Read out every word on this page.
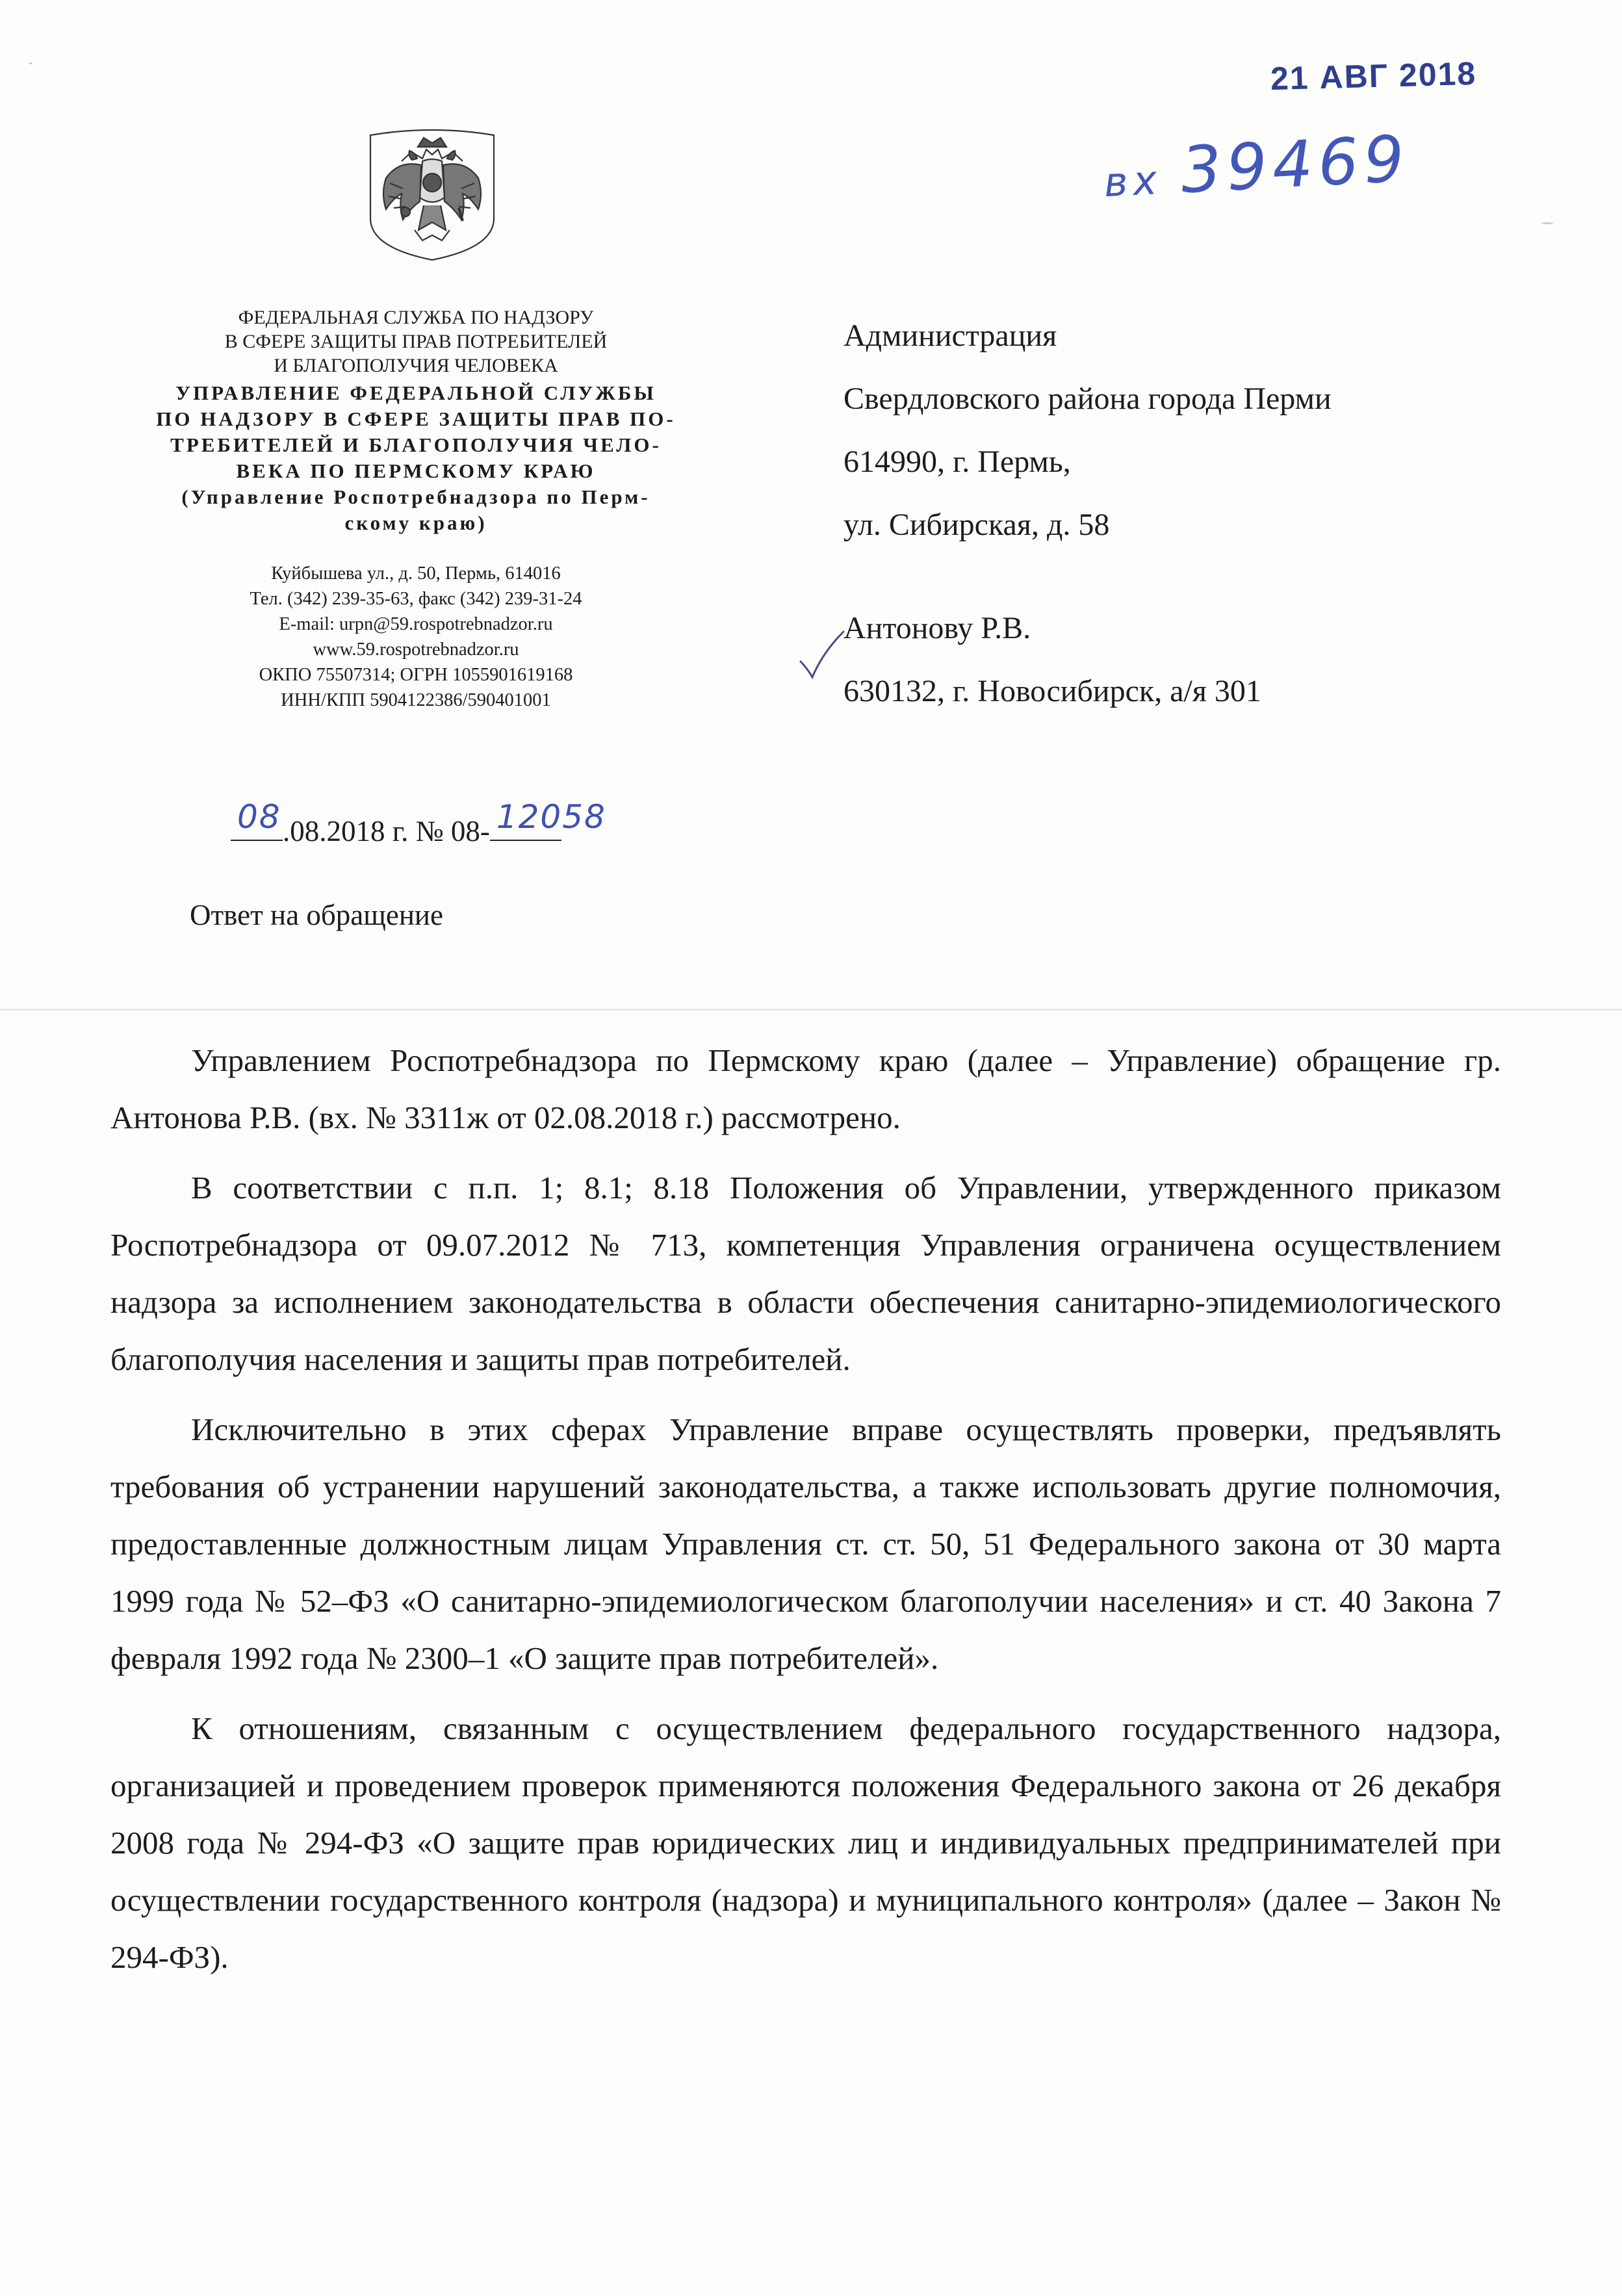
21 АВГ 2018
вх 39469
ФЕДЕРАЛЬНАЯ СЛУЖБА ПО НАДЗОРУ
В СФЕРЕ ЗАЩИТЫ ПРАВ ПОТРЕБИТЕЛЕЙ
И БЛАГОПОЛУЧИЯ ЧЕЛОВЕКА
УПРАВЛЕНИЕ ФЕДЕРАЛЬНОЙ СЛУЖБЫ
ПО НАДЗОРУ В СФЕРЕ ЗАЩИТЫ ПРАВ ПО-
ТРЕБИТЕЛЕЙ И БЛАГОПОЛУЧИЯ ЧЕЛО-
ВЕКА ПО ПЕРМСКОМУ КРАЮ
(Управление Роспотребнадзора по Перм-
скому краю)
Куйбышева ул., д. 50, Пермь, 614016
Тел. (342) 239-35-63, факс (342) 239-31-24
E-mail: urpn@59.rospotrebnadzor.ru
www.59.rospotrebnadzor.ru
ОКПО 75507314; ОГРН 1055901619168
ИНН/КПП 5904122386/590401001
08 .08.2018 г. № 08- 12058
Ответ на обращение
Администрация
Свердловского района города Перми
614990, г. Пермь,
ул. Сибирская, д. 58
Антонову Р.В.
630132, г. Новосибирск, а/я 301

Управлением Роспотребнадзора по Пермскому краю (далее – Управление) обращение гр. Антонова Р.В. (вх. № 3311ж от 02.08.2018 г.) рассмотрено.

В соответствии с п.п. 1; 8.1; 8.18 Положения об Управлении, утвержденного приказом Роспотребнадзора от 09.07.2012 № 713, компетенция Управления ограничена осуществлением надзора за исполнением законодательства в области обеспечения санитарно-эпидемиологического благополучия населения и защиты прав потребителей.

Исключительно в этих сферах Управление вправе осуществлять проверки, предъявлять требования об устранении нарушений законодательства, а также использовать другие полномочия, предоставленные должностным лицам Управления ст. ст. 50, 51 Федерального закона от 30 марта 1999 года № 52–ФЗ «О санитарно-эпидемиологическом благополучии населения» и ст. 40 Закона 7 февраля 1992 года № 2300–1 «О защите прав потребителей».

К отношениям, связанным с осуществлением федерального государственного надзора, организацией и проведением проверок применяются положения Федерального закона от 26 декабря 2008 года № 294-ФЗ «О защите прав юридических лиц и индивидуальных предпринимателей при осуществлении государственного контроля (надзора) и муниципального контроля» (далее – Закон № 294-ФЗ).
